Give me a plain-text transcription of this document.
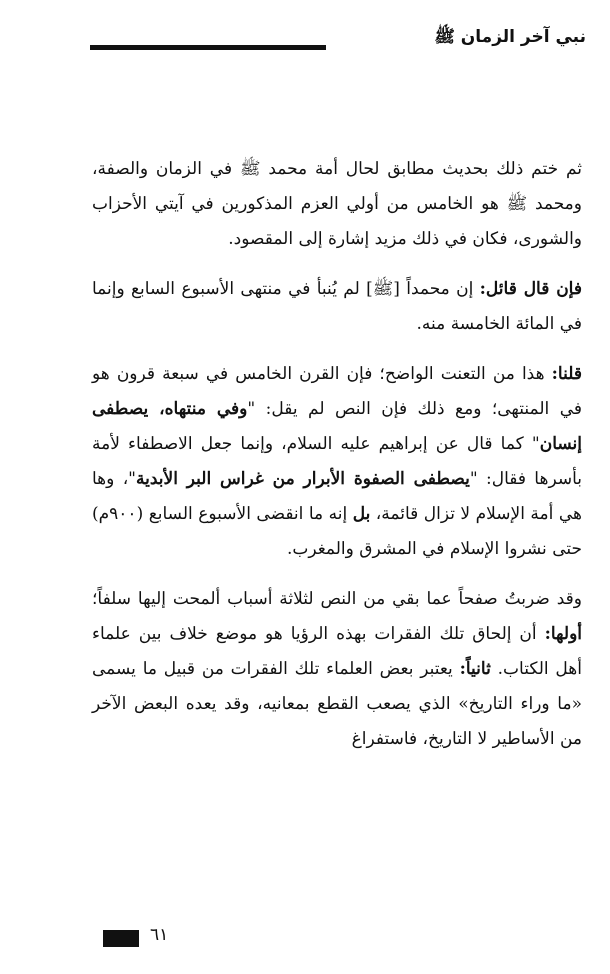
نبي آخر الزمان ﷺ

ثم ختم ذلك بحديث مطابق لحال أمة محمد ﷺ في الزمان والصفة، ومحمد ﷺ هو الخامس من أولي العزم المذكورين في آيتي الأحزاب والشورى، فكان في ذلك مزيد إشارة إلى المقصود.

فإن قال قائل: إن محمداً [ﷺ] لم يُنبأ في منتهى الأسبوع السابع وإنما في المائة الخامسة منه.

قلنا: هذا من التعنت الواضح؛ فإن القرن الخامس في سبعة قرون هو في المنتهى؛ ومع ذلك فإن النص لم يقل: "وفي منتهاه، يصطفى إنسان" كما قال عن إبراهيم عليه السلام، وإنما جعل الاصطفاء لأمة بأسرها فقال: "يصطفى الصفوة الأبرار من غراس البر الأبدية"، وها هي أمة الإسلام لا تزال قائمة، بل إنه ما انقضى الأسبوع السابع (٩٠٠م) حتى نشروا الإسلام في المشرق والمغرب.

وقد ضربتُ صفحاً عما بقي من النص لثلاثة أسباب ألمحت إليها سلفاً؛ أولها: أن إلحاق تلك الفقرات بهذه الرؤيا هو موضع خلاف بين علماء أهل الكتاب. ثانياً: يعتبر بعض العلماء تلك الفقرات من قبيل ما يسمى «ما وراء التاريخ» الذي يصعب القطع بمعانيه، وقد يعده البعض الآخر من الأساطير لا التاريخ، فاستفراغ

٦١
